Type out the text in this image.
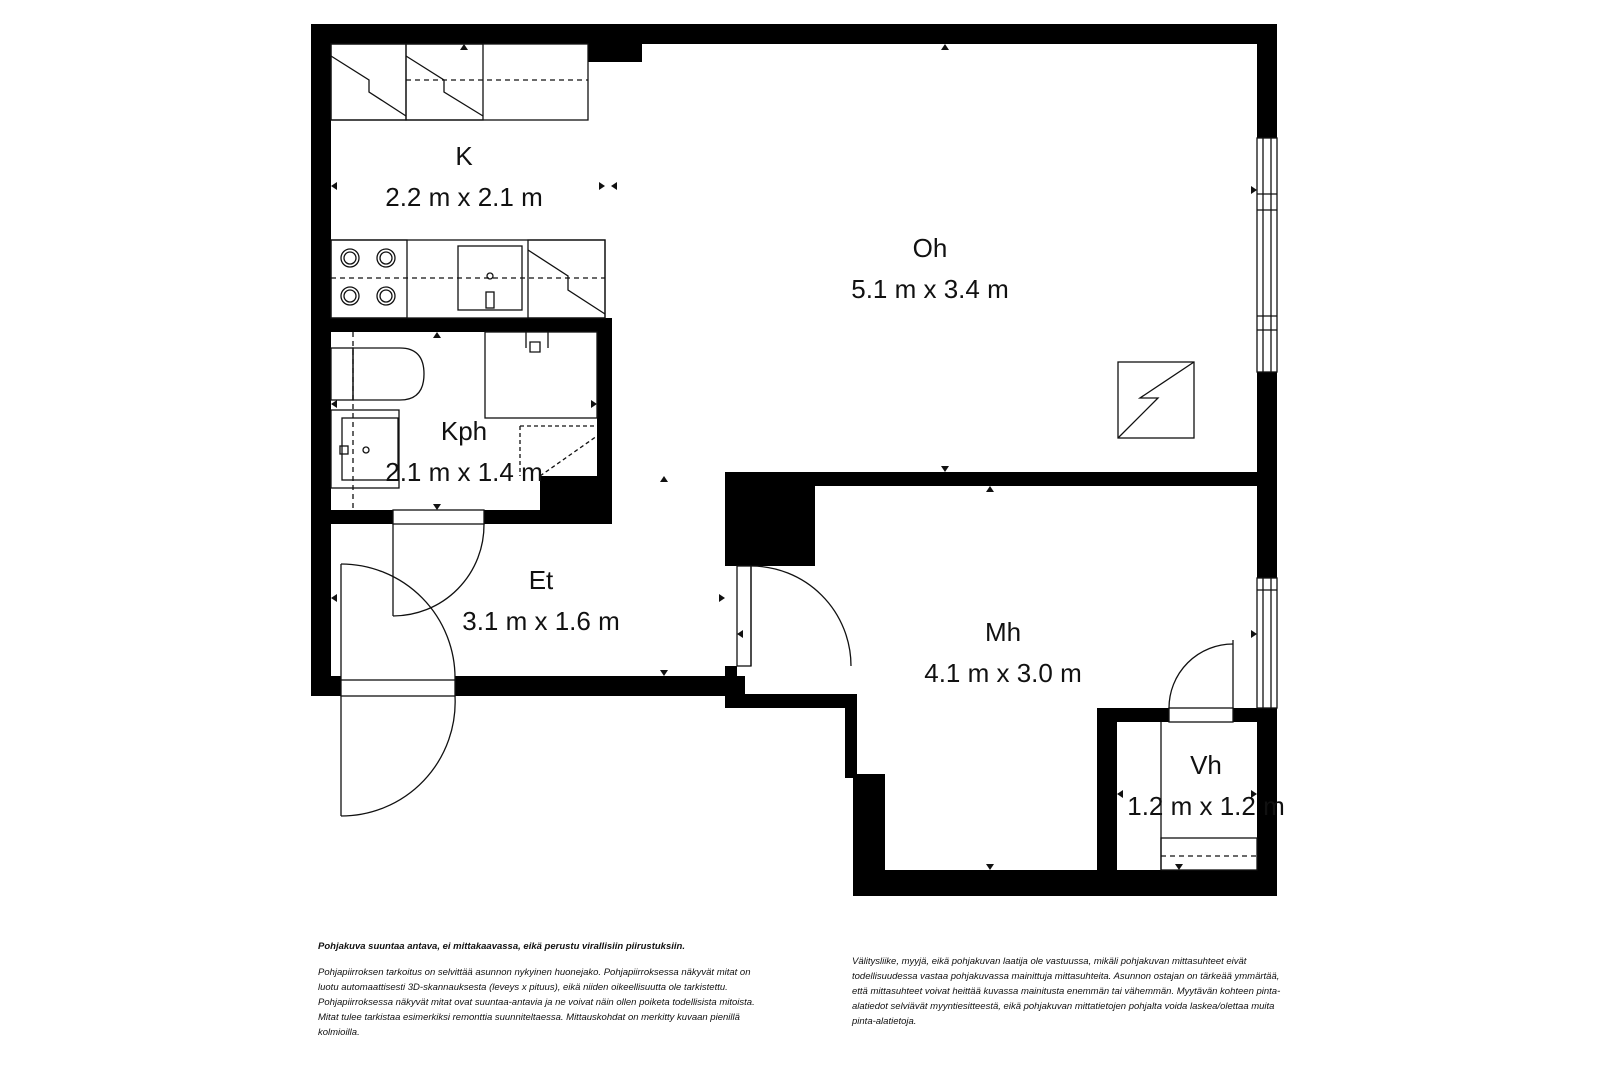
K
2.2 m x 2.1 m
Oh
5.1 m x 3.4 m
Kph
2.1 m x 1.4 m
Et
3.1 m x 1.6 m	Mh
4.1 m x 3.0 m
Vh
1.2 m x 1.2 m

Pohjakuva suuntaa antava, ei mittakaavassa, eikä perustu virallisiin piirustuksiin.

Pohjapiirroksen tarkoitus on selvittää asunnon nykyinen huonejako. Pohjapiirroksessa näkyvät mitat on luotu automaattisesti 3D-skannauksesta (leveys x pituus), eikä niiden oikeellisuutta ole tarkistettu. Pohjapiirroksessa näkyvät mitat ovat suuntaa-antavia ja ne voivat näin ollen poiketa todellisista mitoista. Mitat tulee tarkistaa esimerkiksi remonttia suunniteltaessa. Mittauskohdat on merkitty kuvaan pienillä kolmioilla.

Välitysliike, myyjä, eikä pohjakuvan laatija ole vastuussa, mikäli pohjakuvan mittasuhteet eivät todellisuudessa vastaa pohjakuvassa mainittuja mittasuhteita. Asunnon ostajan on tärkeää ymmärtää, että mittasuhteet voivat heittää kuvassa mainitusta enemmän tai vähemmän. Myytävän kohteen pinta-alatiedot selviävät myyntiesitteestä, eikä pohjakuvan mittatietojen pohjalta voida laskea/olettaa muita pinta-alatietoja.
